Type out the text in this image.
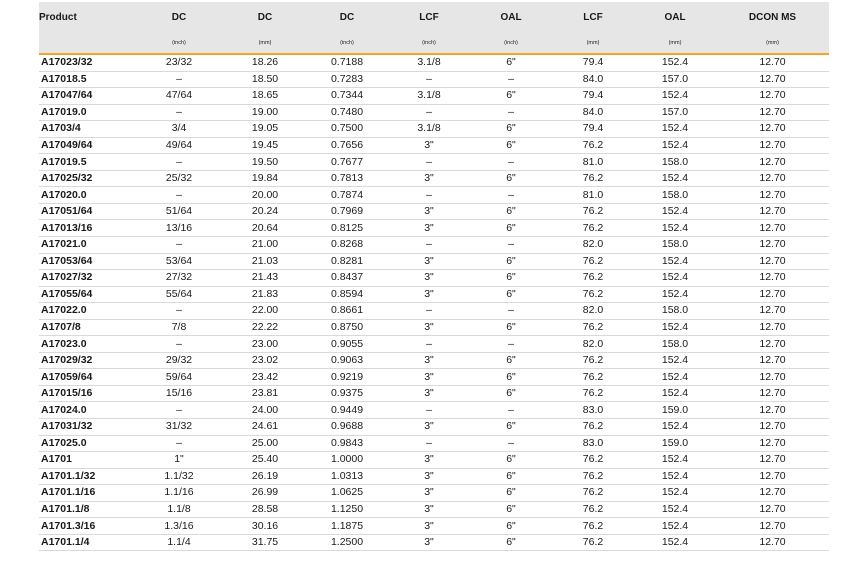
Product	DC	DC	DC	LCF	OAL	LCF	OAL	DCON MS
	(inch)	(mm)	(inch)	(inch)	(inch)	(mm)	(mm)	(mm)
A17023/32	23/32	18.26	0.7188	3.1/8	6"	79.4	152.4	12.70
A17018.5	–	18.50	0.7283	–	–	84.0	157.0	12.70
A17047/64	47/64	18.65	0.7344	3.1/8	6"	79.4	152.4	12.70
A17019.0	–	19.00	0.7480	–	–	84.0	157.0	12.70
A1703/4	3/4	19.05	0.7500	3.1/8	6"	79.4	152.4	12.70
A17049/64	49/64	19.45	0.7656	3"	6"	76.2	152.4	12.70
A17019.5	–	19.50	0.7677	–	–	81.0	158.0	12.70
A17025/32	25/32	19.84	0.7813	3"	6"	76.2	152.4	12.70
A17020.0	–	20.00	0.7874	–	–	81.0	158.0	12.70
A17051/64	51/64	20.24	0.7969	3"	6"	76.2	152.4	12.70
A17013/16	13/16	20.64	0.8125	3"	6"	76.2	152.4	12.70
A17021.0	–	21.00	0.8268	–	–	82.0	158.0	12.70
A17053/64	53/64	21.03	0.8281	3"	6"	76.2	152.4	12.70
A17027/32	27/32	21.43	0.8437	3"	6"	76.2	152.4	12.70
A17055/64	55/64	21.83	0.8594	3"	6"	76.2	152.4	12.70
A17022.0	–	22.00	0.8661	–	–	82.0	158.0	12.70
A1707/8	7/8	22.22	0.8750	3"	6"	76.2	152.4	12.70
A17023.0	–	23.00	0.9055	–	–	82.0	158.0	12.70
A17029/32	29/32	23.02	0.9063	3"	6"	76.2	152.4	12.70
A17059/64	59/64	23.42	0.9219	3"	6"	76.2	152.4	12.70
A17015/16	15/16	23.81	0.9375	3"	6"	76.2	152.4	12.70
A17024.0	–	24.00	0.9449	–	–	83.0	159.0	12.70
A17031/32	31/32	24.61	0.9688	3"	6"	76.2	152.4	12.70
A17025.0	–	25.00	0.9843	–	–	83.0	159.0	12.70
A1701	1"	25.40	1.0000	3"	6"	76.2	152.4	12.70
A1701.1/32	1.1/32	26.19	1.0313	3"	6"	76.2	152.4	12.70
A1701.1/16	1.1/16	26.99	1.0625	3"	6"	76.2	152.4	12.70
A1701.1/8	1.1/8	28.58	1.1250	3"	6"	76.2	152.4	12.70
A1701.3/16	1.3/16	30.16	1.1875	3"	6"	76.2	152.4	12.70
A1701.1/4	1.1/4	31.75	1.2500	3"	6"	76.2	152.4	12.70
